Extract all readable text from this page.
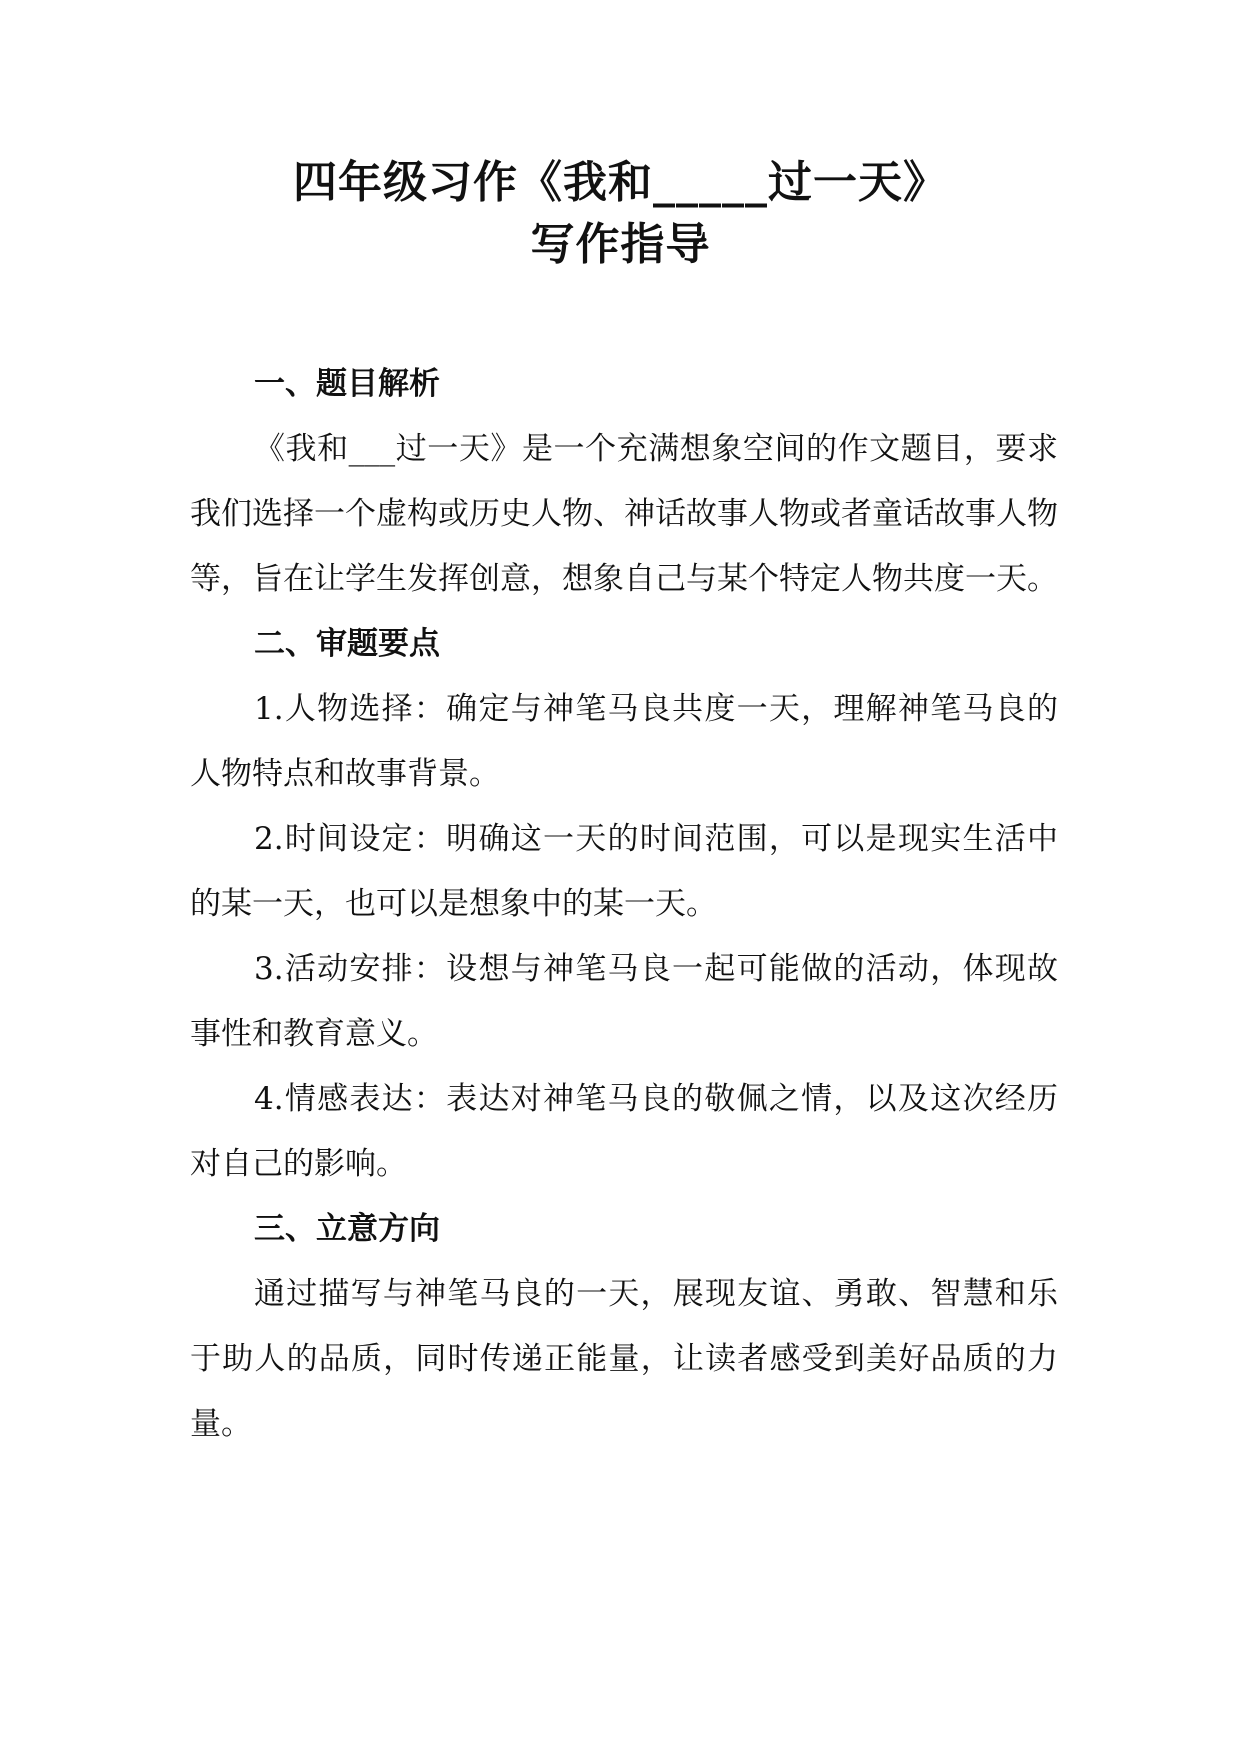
四年级习作《我和_____过一天》
写作指导
一、题目解析

《我和___过一天》是一个充满想象空间的作文题目，要求我们选择一个虚构或历史人物、神话故事人物或者童话故事人物等，旨在让学生发挥创意，想象自己与某个特定人物共度一天。

二、审题要点

1.人物选择：确定与神笔马良共度一天，理解神笔马良的人物特点和故事背景。

2.时间设定：明确这一天的时间范围，可以是现实生活中的某一天，也可以是想象中的某一天。

3.活动安排：设想与神笔马良一起可能做的活动，体现故事性和教育意义。

4.情感表达：表达对神笔马良的敬佩之情，以及这次经历对自己的影响。

三、立意方向

通过描写与神笔马良的一天，展现友谊、勇敢、智慧和乐于助人的品质，同时传递正能量，让读者感受到美好品质的力量。
